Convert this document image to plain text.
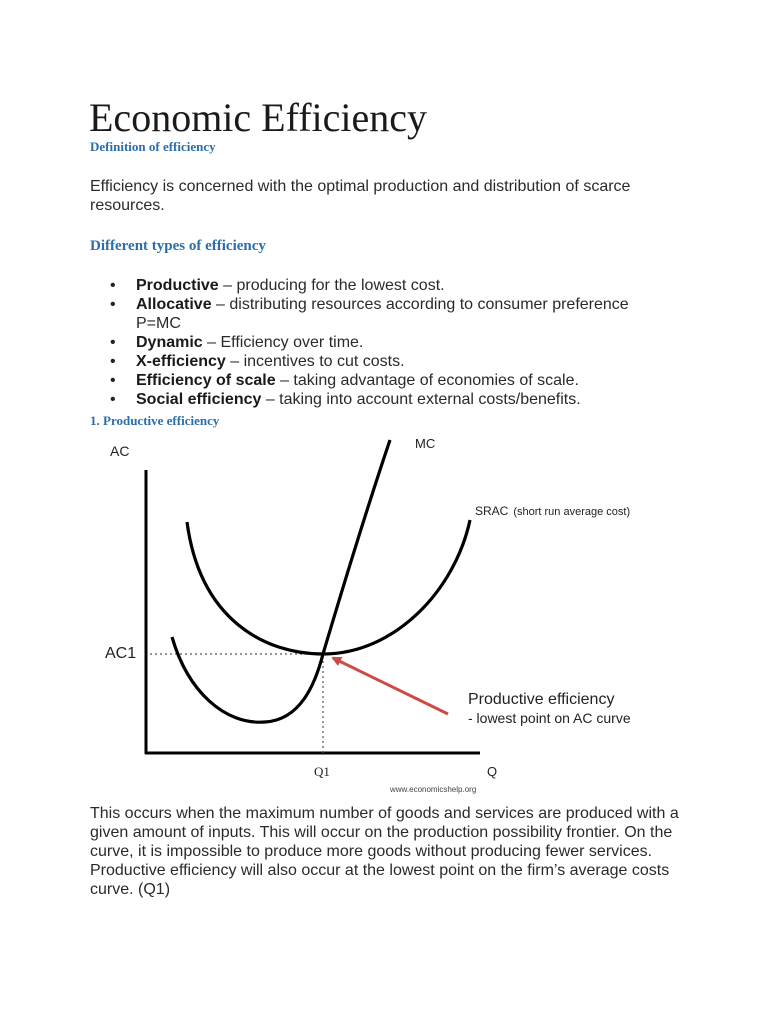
Economic Efficiency
Definition of efficiency

Efficiency is concerned with the optimal production and distribution of scarce resources.

Different types of efficiency
• Productive – producing for the lowest cost.
• Allocative – distributing resources according to consumer preference P=MC
• Dynamic – Efficiency over time.
• X-efficiency – incentives to cut costs.
• Efficiency of scale – taking advantage of economies of scale.
• Social efficiency – taking into account external costs/benefits.
1. Productive efficiency
AC
Q
AC1
Q1
MC
SRAC (short run average cost)
Productive efficiency
- lowest point on AC curve
www.economicshelp.org

This occurs when the maximum number of goods and services are produced with a given amount of inputs. This will occur on the production possibility frontier. On the curve, it is impossible to produce more goods without producing fewer services. Productive efficiency will also occur at the lowest point on the firm’s average costs curve. (Q1)
